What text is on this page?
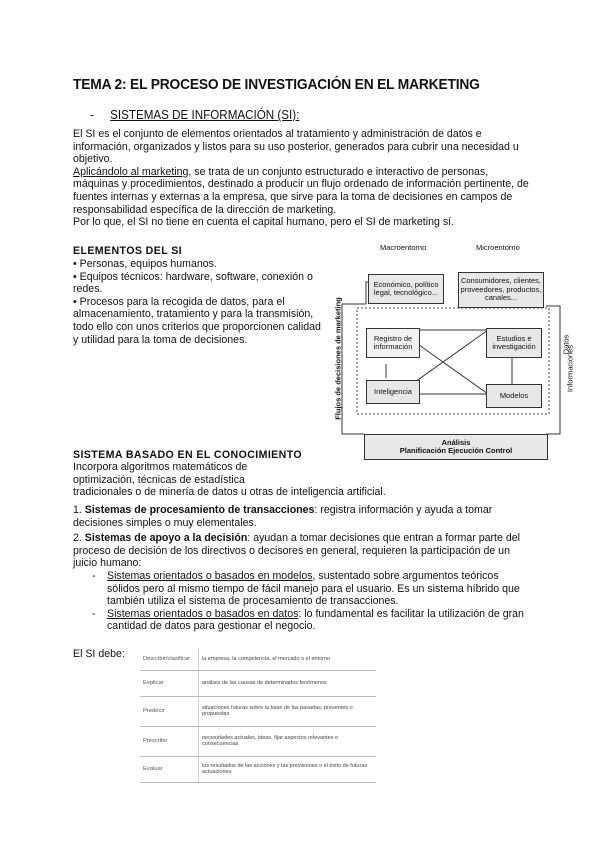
TEMA 2: EL PROCESO DE INVESTIGACIÓN EN EL MARKETING
- SISTEMAS DE INFORMACIÓN (SI):
El SI es el conjunto de elementos orientados al tratamiento y administración de datos e información, organizados y listos para su uso posterior, generados para cubrir una necesidad u objetivo.
Aplicándolo al marketing, se trata de un conjunto estructurado e interactivo de personas, máquinas y procedimientos, destinado a producir un flujo ordenado de información pertinente, de fuentes internas y externas a la empresa, que sirve para la toma de decisiones en campos de responsabilidad específica de la dirección de marketing.
Por lo que, el SI no tiene en cuenta el capital humano, pero el SI de marketing sí.
ELEMENTOS DEL SI
• Personas, equipos humanos.
• Equipos técnicos: hardware, software, conexión o redes.
• Procesos para la recogida de datos, para el almacenamiento, tratamiento y para la transmisión, todo ello con unos criterios que proporcionen calidad y utilidad para la toma de decisiones.
Macroentorno	Microentorno
Económico, político legal, tecnológico...
Consumidores, clientes, proveedores, productos, canales...
Registro de información
Estudios e investigación
Inteligencia	Modelos
Análisis
Planificación Ejecución Control
Flujos de decisiones de marketing	Informaciones
Datos
SISTEMA BASADO EN EL CONOCIMIENTO
Incorpora algoritmos matemáticos de
optimización, técnicas de estadística
tradicionales o de minería de datos u otras de inteligencia artificial.
1. Sistemas de procesamiento de transacciones: registra información y ayuda a tomar decisiones simples o muy elementales.
2. Sistemas de apoyo a la decisión: ayudan a tomar decisiones que entran a formar parte del proceso de decisión de los directivos o decisores en general, requieren la participación de un juicio humano:
-	Sistemas orientados o basados en modelos, sustentado sobre argumentos teóricos sólidos pero al mismo tiempo de fácil manejo para el usuario. Es un sistema híbrido que también utiliza el sistema de procesamiento de transacciones.
-	Sistemas orientados o basados en datos: lo fundamental es facilitar la utilización de gran cantidad de datos para gestionar el negocio.
El SI debe:	Describir/clasificar	la empresa, la competencia, el mercado o el entorno
Explicar	análisis de las causas de determinados fenómenos
Predecir	situaciones futuras sobre la base de las pasadas, presentes o propuestas
Prescribir	necesidades actuales, ideas, fijar aspectos relevantes o consecuencias
Evaluar	los resultados de las acciones y las previsiones o el éxito de futuras actuaciones
